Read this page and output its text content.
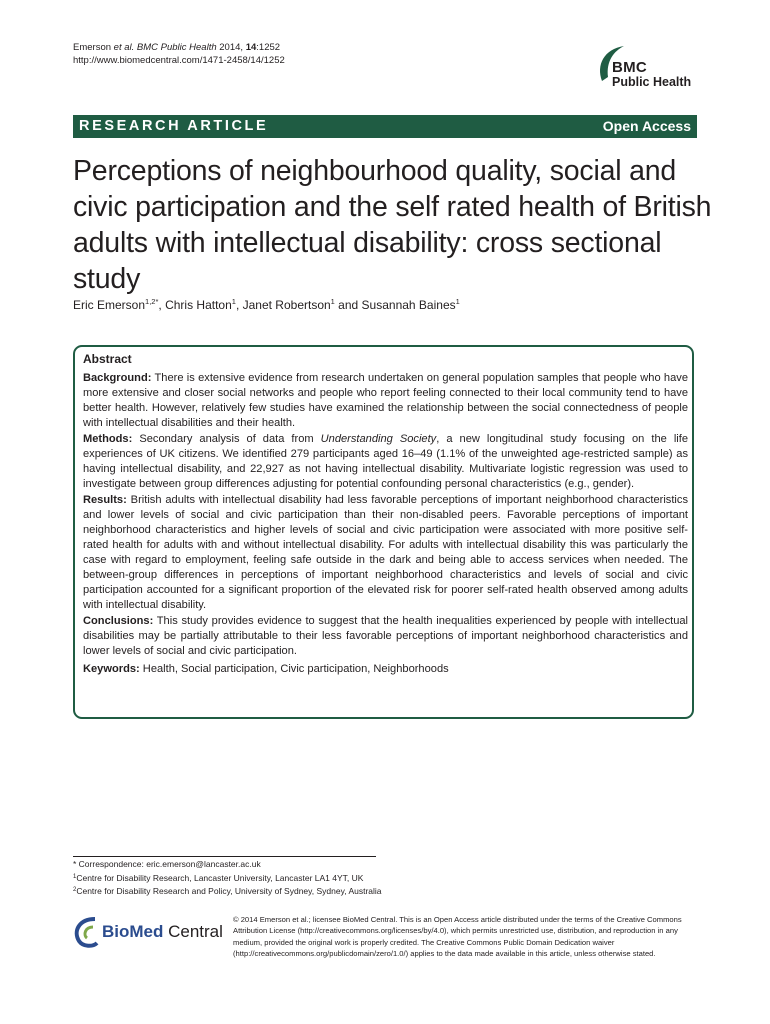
Emerson et al. BMC Public Health 2014, 14:1252
http://www.biomedcentral.com/1471-2458/14/1252	BMC
Public Health
RESEARCH ARTICLE	Open Access
Perceptions of neighbourhood quality, social and civic participation and the self rated health of British adults with intellectual disability: cross sectional study
Eric Emerson$^{1,2*}$, Chris Hatton$^1$, Janet Robertson$^1$ and Susannah Baines$^1$
Abstract

Background: There is extensive evidence from research undertaken on general population samples that people who have more extensive and closer social networks and people who report feeling connected to their local community tend to have better health. However, relatively few studies have examined the relationship between the social connectedness of people with intellectual disabilities and their health.

Methods: Secondary analysis of data from Understanding Society, a new longitudinal study focusing on the life experiences of UK citizens. We identified 279 participants aged 16–49 (1.1% of the unweighted age-restricted sample) as having intellectual disability, and 22,927 as not having intellectual disability. Multivariate logistic regression was used to investigate between group differences adjusting for potential confounding personal characteristics (e.g., gender).

Results: British adults with intellectual disability had less favorable perceptions of important neighborhood characteristics and lower levels of social and civic participation than their non-disabled peers. Favorable perceptions of important neighborhood characteristics and higher levels of social and civic participation were associated with more positive self-rated health for adults with and without intellectual disability. For adults with intellectual disability this was particularly the case with regard to employment, feeling safe outside in the dark and being able to access services when needed. The between-group differences in perceptions of important neighborhood characteristics and levels of social and civic participation accounted for a significant proportion of the elevated risk for poorer self-rated health observed among adults with intellectual disability.

Conclusions: This study provides evidence to suggest that the health inequalities experienced by people with intellectual disabilities may be partially attributable to their less favorable perceptions of important neighborhood characteristics and lower levels of social and civic participation.

Keywords: Health, Social participation, Civic participation, Neighborhoods

* Correspondence: eric.emerson@lancaster.ac.uk
$^1$Centre for Disability Research, Lancaster University, Lancaster LA1 4YT, UK
$^2$Centre for Disability Research and Policy, University of Sydney, Sydney, Australia
BioMed Central
© 2014 Emerson et al.; licensee BioMed Central. This is an Open Access article distributed under the terms of the Creative Commons Attribution License (http://creativecommons.org/licenses/by/4.0), which permits unrestricted use, distribution, and reproduction in any medium, provided the original work is properly credited. The Creative Commons Public Domain Dedication waiver (http://creativecommons.org/publicdomain/zero/1.0/) applies to the data made available in this article, unless otherwise stated.
